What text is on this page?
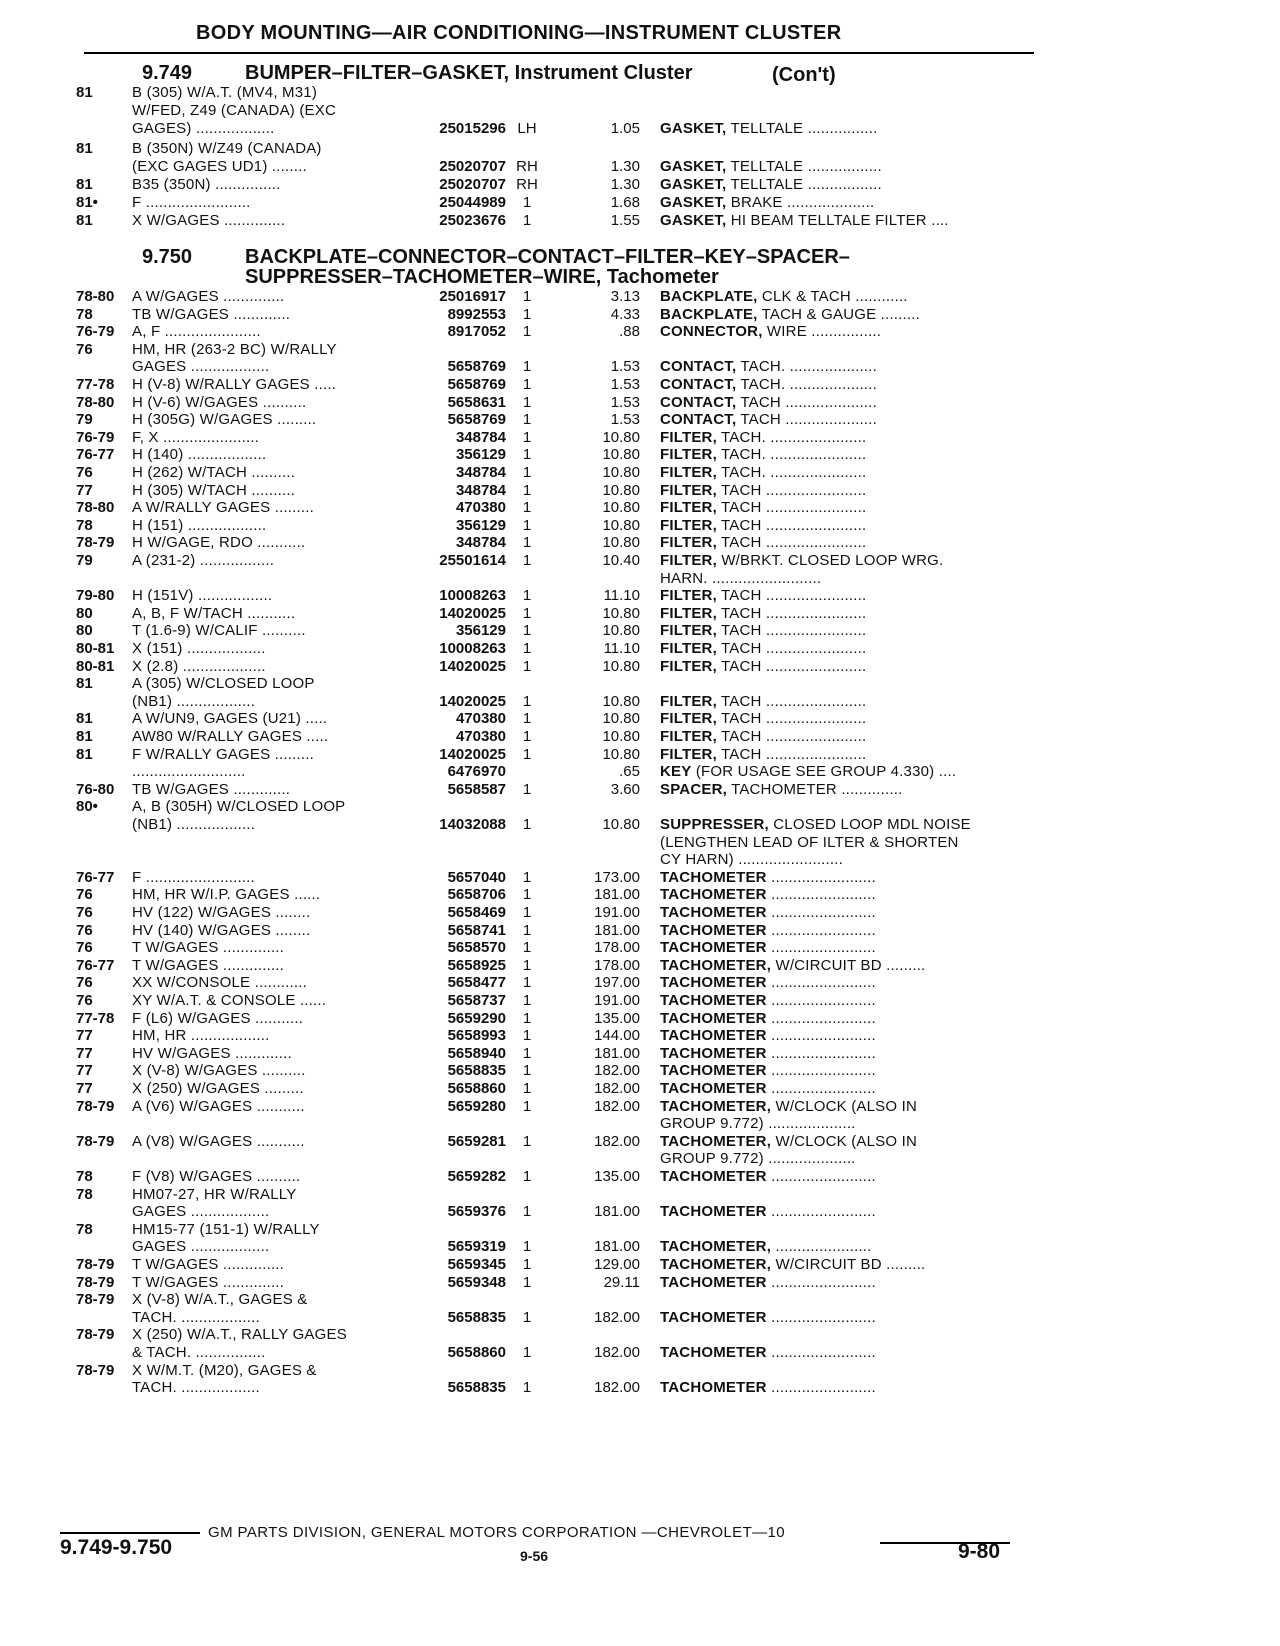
BODY MOUNTING—AIR CONDITIONING—INSTRUMENT CLUSTER
9.749	BUMPER–FILTER–GASKET, Instrument Cluster	(Con't)
9.750	BACKPLATE–CONNECTOR–CONTACT–FILTER–KEY–SPACER–
SUPPRESSER–TACHOMETER–WIRE, Tachometer
81	B (305) W/A.T. (MV4, M31)
W/FED, Z49 (CANADA) (EXC
GAGES) ..................	25015296 LH	1.05 GASKET, TELLTALE ................
81	B (350N) W/Z49 (CANADA)
(EXC GAGES UD1) ........	25020707 RH	1.30 GASKET, TELLTALE .................
81	B35 (350N) ...............	25020707 RH	1.30 GASKET, TELLTALE .................
81• F ........................	25044989	1	1.68 GASKET, BRAKE ....................
81	X W/GAGES ..............	25023676	1	1.55 GASKET, HI BEAM TELLTALE FILTER ....
78-80 A W/GAGES ..............	25016917	1	3.13 BACKPLATE, CLK & TACH ............
78	TB W/GAGES .............	8992553	1	4.33 BACKPLATE, TACH & GAUGE .........
76-79 A, F ......................	8917052	1	.88 CONNECTOR, WIRE ................
76	HM, HR (263-2 BC) W/RALLY
GAGES ..................	5658769	1	1.53 CONTACT, TACH. ....................
77-78 H (V-8) W/RALLY GAGES .....	5658769	1	1.53 CONTACT, TACH. ....................
78-80 H (V-6) W/GAGES ..........	5658631	1	1.53 CONTACT, TACH .....................
79	H (305G) W/GAGES .........	5658769	1	1.53 CONTACT, TACH .....................
76-79 F, X ......................	348784	1	10.80 FILTER, TACH. ......................
76-77 H (140) ..................	356129	1	10.80 FILTER, TACH. ......................
76	H (262) W/TACH ..........	348784	1	10.80 FILTER, TACH. ......................
77	H (305) W/TACH ..........	348784	1	10.80 FILTER, TACH .......................
78-80 A W/RALLY GAGES .........	470380	1	10.80 FILTER, TACH .......................
78	H (151) ..................	356129	1	10.80 FILTER, TACH .......................
78-79 H W/GAGE, RDO ...........	348784	1	10.80 FILTER, TACH .......................
79	A (231-2) .................	25501614	1	10.40 FILTER, W/BRKT. CLOSED LOOP WRG.
HARN. .........................
79-80 H (151V) .................	10008263	1	11.10 FILTER, TACH .......................
80	A, B, F W/TACH ...........	14020025	1	10.80 FILTER, TACH .......................
80	T (1.6-9) W/CALIF ..........	356129	1	10.80 FILTER, TACH .......................
80-81 X (151) ..................	10008263	1	11.10 FILTER, TACH .......................
80-81 X (2.8) ...................	14020025	1	10.80 FILTER, TACH .......................
81	A (305) W/CLOSED LOOP
(NB1) ..................	14020025	1	10.80 FILTER, TACH .......................
81	A W/UN9, GAGES (U21) .....	470380	1	10.80 FILTER, TACH .......................
81	AW80 W/RALLY GAGES .....	470380	1	10.80 FILTER, TACH .......................
81	F W/RALLY GAGES .........	14020025	1	10.80 FILTER, TACH .......................
..........................	6476970	.65 KEY (FOR USAGE SEE GROUP 4.330) ....
76-80 TB W/GAGES .............	5658587	1	3.60 SPACER, TACHOMETER ..............
80• A, B (305H) W/CLOSED LOOP
(NB1) ..................	14032088	1	10.80 SUPPRESSER, CLOSED LOOP MDL NOISE
(LENGTHEN LEAD OF ILTER & SHORTEN
CY HARN) ........................
76-77 F .........................	5657040	1	173.00 TACHOMETER ........................
76	HM, HR W/I.P. GAGES ......	5658706	1	181.00 TACHOMETER ........................
76	HV (122) W/GAGES ........	5658469	1	191.00 TACHOMETER ........................
76	HV (140) W/GAGES ........	5658741	1	181.00 TACHOMETER ........................
76	T W/GAGES ..............	5658570	1	178.00 TACHOMETER ........................
76-77 T W/GAGES ..............	5658925	1	178.00 TACHOMETER, W/CIRCUIT BD .........
76	XX W/CONSOLE ............	5658477	1	197.00 TACHOMETER ........................
76	XY W/A.T. & CONSOLE ......	5658737	1	191.00 TACHOMETER ........................
77-78 F (L6) W/GAGES ...........	5659290	1	135.00 TACHOMETER ........................
77	HM, HR ..................	5658993	1	144.00 TACHOMETER ........................
77	HV W/GAGES .............	5658940	1	181.00 TACHOMETER ........................
77	X (V-8) W/GAGES ..........	5658835	1	182.00 TACHOMETER ........................
77	X (250) W/GAGES .........	5658860	1	182.00 TACHOMETER ........................
78-79 A (V6) W/GAGES ...........	5659280	1	182.00 TACHOMETER, W/CLOCK (ALSO IN
GROUP 9.772) ....................
78-79 A (V8) W/GAGES ...........	5659281	1	182.00 TACHOMETER, W/CLOCK (ALSO IN
GROUP 9.772) ....................
78	F (V8) W/GAGES ..........	5659282	1	135.00 TACHOMETER ........................
78	HM07-27, HR W/RALLY
GAGES ..................	5659376	1	181.00 TACHOMETER ........................
78	HM15-77 (151-1) W/RALLY
GAGES ..................	5659319	1	181.00 TACHOMETER, ......................
78-79 T W/GAGES ..............	5659345	1	129.00 TACHOMETER, W/CIRCUIT BD .........
78-79 T W/GAGES ..............	5659348	1	29.11 TACHOMETER ........................
78-79 X (V-8) W/A.T., GAGES &
TACH. ..................	5658835	1	182.00 TACHOMETER ........................
78-79 X (250) W/A.T., RALLY GAGES
& TACH. ................	5658860	1	182.00 TACHOMETER ........................
78-79 X W/M.T. (M20), GAGES &
TACH. ..................	5658835	1	182.00 TACHOMETER ........................
9.749-9.750
GM PARTS DIVISION, GENERAL MOTORS CORPORATION —CHEVROLET—10
9-56	9-80
